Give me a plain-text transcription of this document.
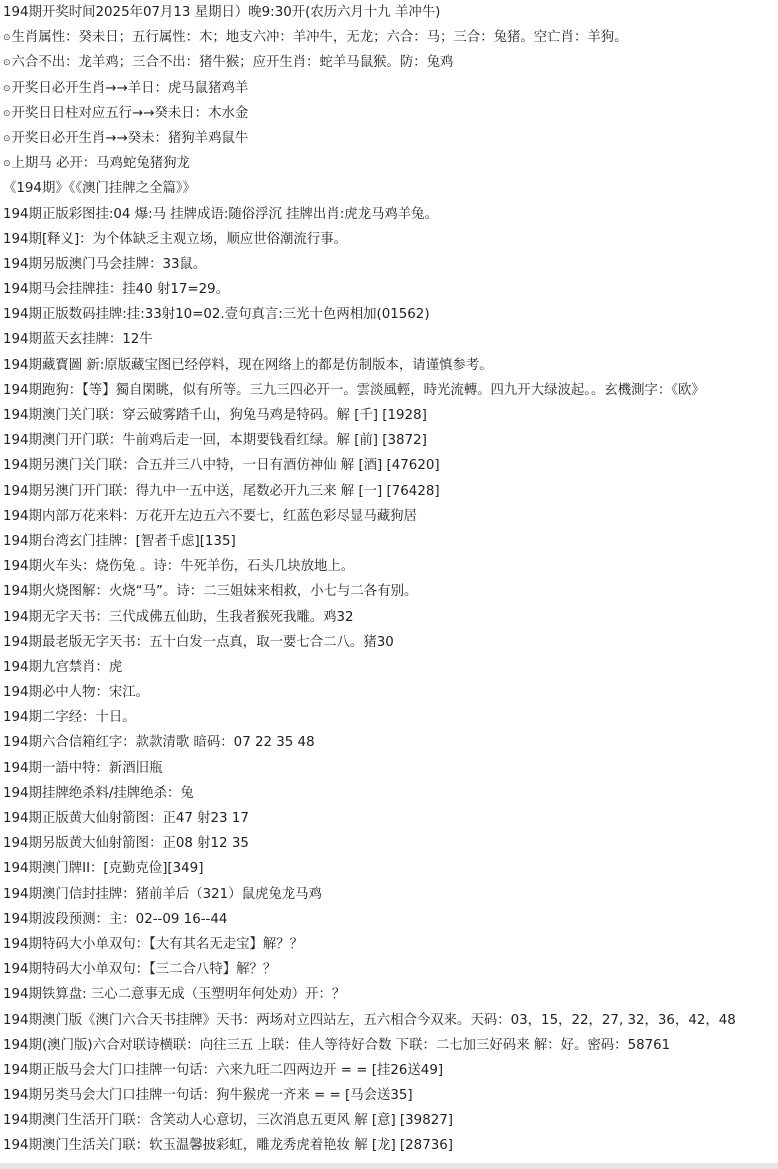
194期开奖时间2025年07月13 星期日）晚9:30开(农历六月十九 羊冲牛)
⊙生肖属性：癸未日；五行属性：木；地支六冲：羊冲牛，无龙；六合：马；三合：兔猪。空亡肖：羊狗。
⊙六合不出：龙羊鸡；三合不出：猪牛猴；应开生肖：蛇羊马鼠猴。防：兔鸡
⊙开奖日必开生肖→→羊日：虎马鼠猪鸡羊
⊙开奖日日柱对应五行→→癸未日：木水金
⊙开奖日必开生肖→→癸未：猪狗羊鸡鼠牛
⊙上期马 必开：马鸡蛇兔猪狗龙
《194期》《《澳门挂牌之全篇》》
194期正版彩图挂:04 爆:马 挂牌成语:随俗浮沉 挂牌出肖:虎龙马鸡羊兔。
194期[释义]：为个体缺乏主观立场，顺应世俗潮流行事。
194期另版澳门马会挂牌：33鼠。
194期马会挂牌挂：挂40 射17=29。
194期正版数码挂牌:挂:33射10=02.壹句真言:三光十色两相加(01562)
194期蓝天玄挂牌：12牛
194期藏寳圖 新:原版藏宝图已经停料，现在网络上的都是仿制版本，请谨慎参考。
194期跑狗：【等】獨自閑眺，似有所等。三九三四必开一。雲淡風輕，時光流轉。四九开大绿波起。。玄機測字：《欧》
194期澳门关门联：穿云破雾踏千山，狗兔马鸡是特码。解 [千] [1928]
194期澳门开门联：牛前鸡后走一回，本期要钱看红绿。解 [前] [3872]
194期另澳门关门联：合五并三八中特，一日有酒仿神仙 解 [酒] [47620]
194期另澳门开门联：得九中一五中送，尾数必开九三来 解 [一] [76428]
194期内部万花来料：万花开左边五六不要七，红蓝色彩尽显马藏狗居
194期台湾玄门挂牌：[智者千虑][135]
194期火车头：烧伤兔 。诗：牛死羊伤，石头几块放地上。
194期火烧图解：火烧“马”。诗：二三姐妹来相救，小七与二各有别。
194期无字天书：三代成佛五仙助，生我者猴死我雕。鸡32
194期最老版无字天书：五十白发一点真，取一要七合二八。猪30
194期九宫禁肖：虎
194期必中人物：宋江。
194期二字经：十日。
194期六合信箱红字：款款清歌 暗码：07 22 35 48
194期一語中特：新酒旧瓶
194期挂牌绝杀料/挂牌绝杀：兔
194期正版黄大仙射箭图：正47 射23 17
194期另版黄大仙射箭图：正08 射12 35
194期澳门牌II：[克勤克俭][349]
194期澳门信封挂牌：猪前羊后（321）鼠虎兔龙马鸡
194期波段预测：主：02--09 16--44
194期特码大小单双句：【大有其名无走宝】解？？
194期特码大小单双句：【三二合八特】解？？
194期铁算盘: 三心二意事无成（玉塑明年何处劝）开：？
194期澳门版《澳门六合天书挂牌》天书：两场对立四站左，五六相合今双来。天码：03，15，22，27, 32，36，42，48
194期(澳门版)六合对联诗横联：向往三五 上联：佳人等待好合数 下联：二七加三好码来 解：好。密码：58761
194期正版马会大门口挂牌一句话：六来九旺二四两边开 = = [挂26送49]
194期另类马会大门口挂牌一句话：狗牛猴虎一齐来 = = [马会送35]
194期澳门生活开门联：含笑动人心意切，三次消息五更风 解 [意] [39827]
194期澳门生活关门联：软玉温馨披彩虹，雕龙秀虎着艳妆 解 [龙] [28736]
